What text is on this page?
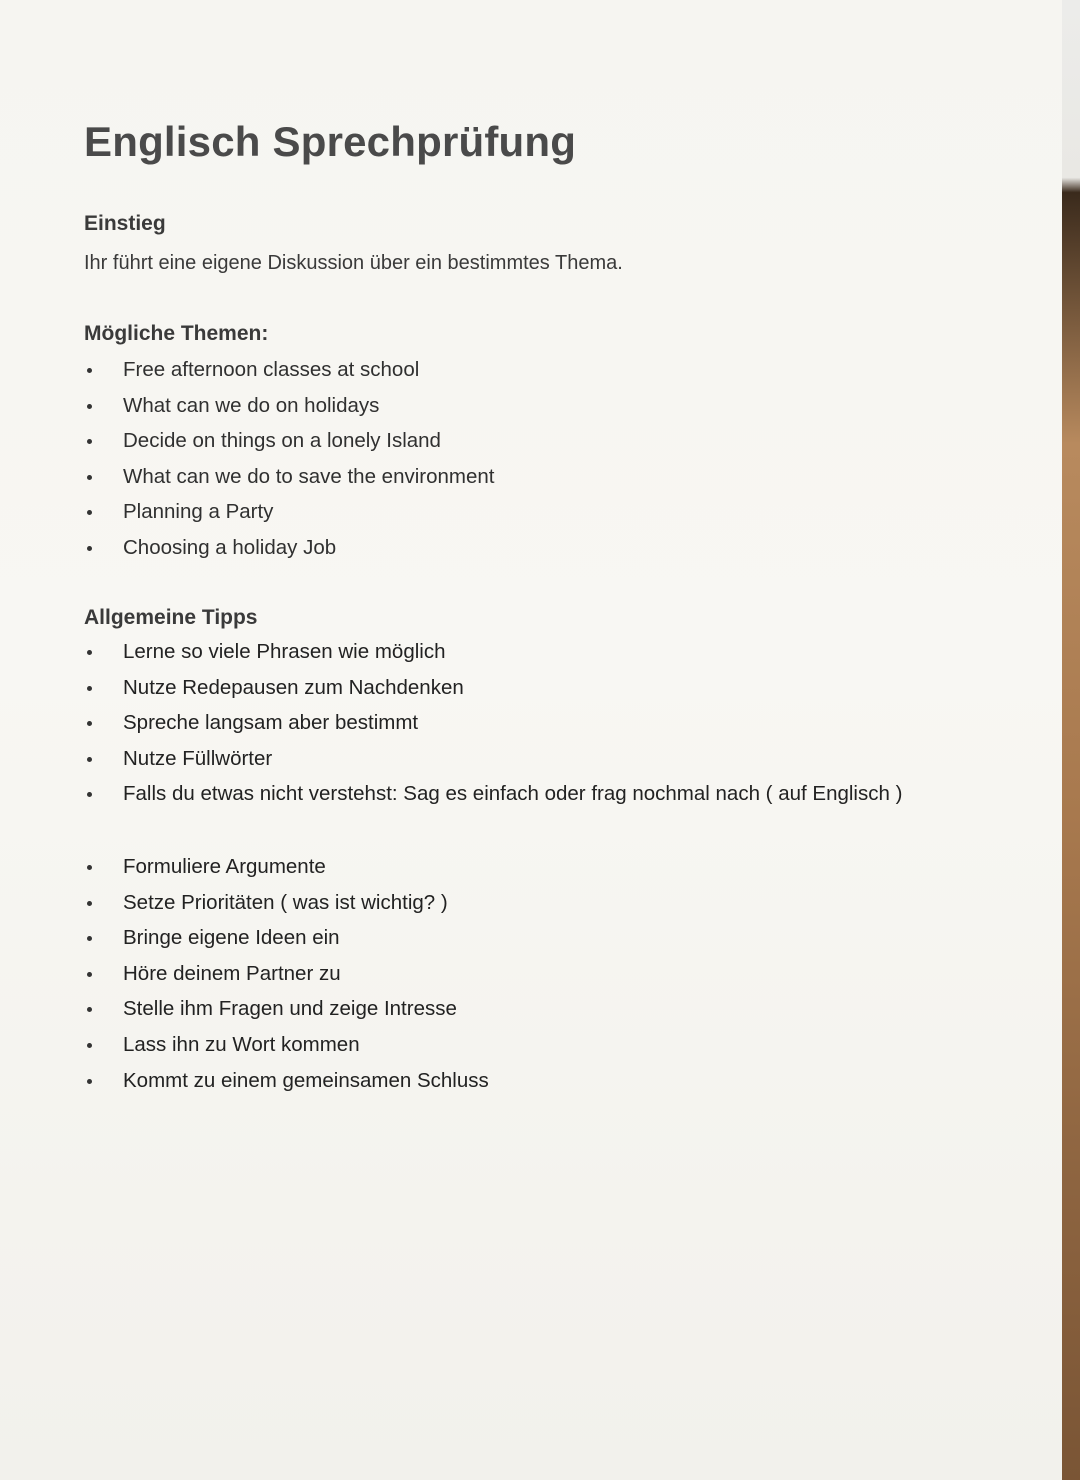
Englisch Sprechprüfung
Einstieg

Ihr führt eine eigene Diskussion über ein bestimmtes Thema.

Mögliche Themen:
Free afternoon classes at school
What can we do on holidays
Decide on things on a lonely Island
What can we do to save the environment
Planning a Party
Choosing a holiday Job
Allgemeine Tipps
Lerne so viele Phrasen wie möglich
Nutze Redepausen zum Nachdenken
Spreche langsam aber bestimmt
Nutze Füllwörter
Falls du etwas nicht verstehst: Sag es einfach oder frag nochmal nach ( auf Englisch )
Formuliere Argumente
Setze Prioritäten ( was ist wichtig? )
Bringe eigene Ideen ein
Höre deinem Partner zu
Stelle ihm Fragen und zeige Intresse
Lass ihn zu Wort kommen
Kommt zu einem gemeinsamen Schluss
